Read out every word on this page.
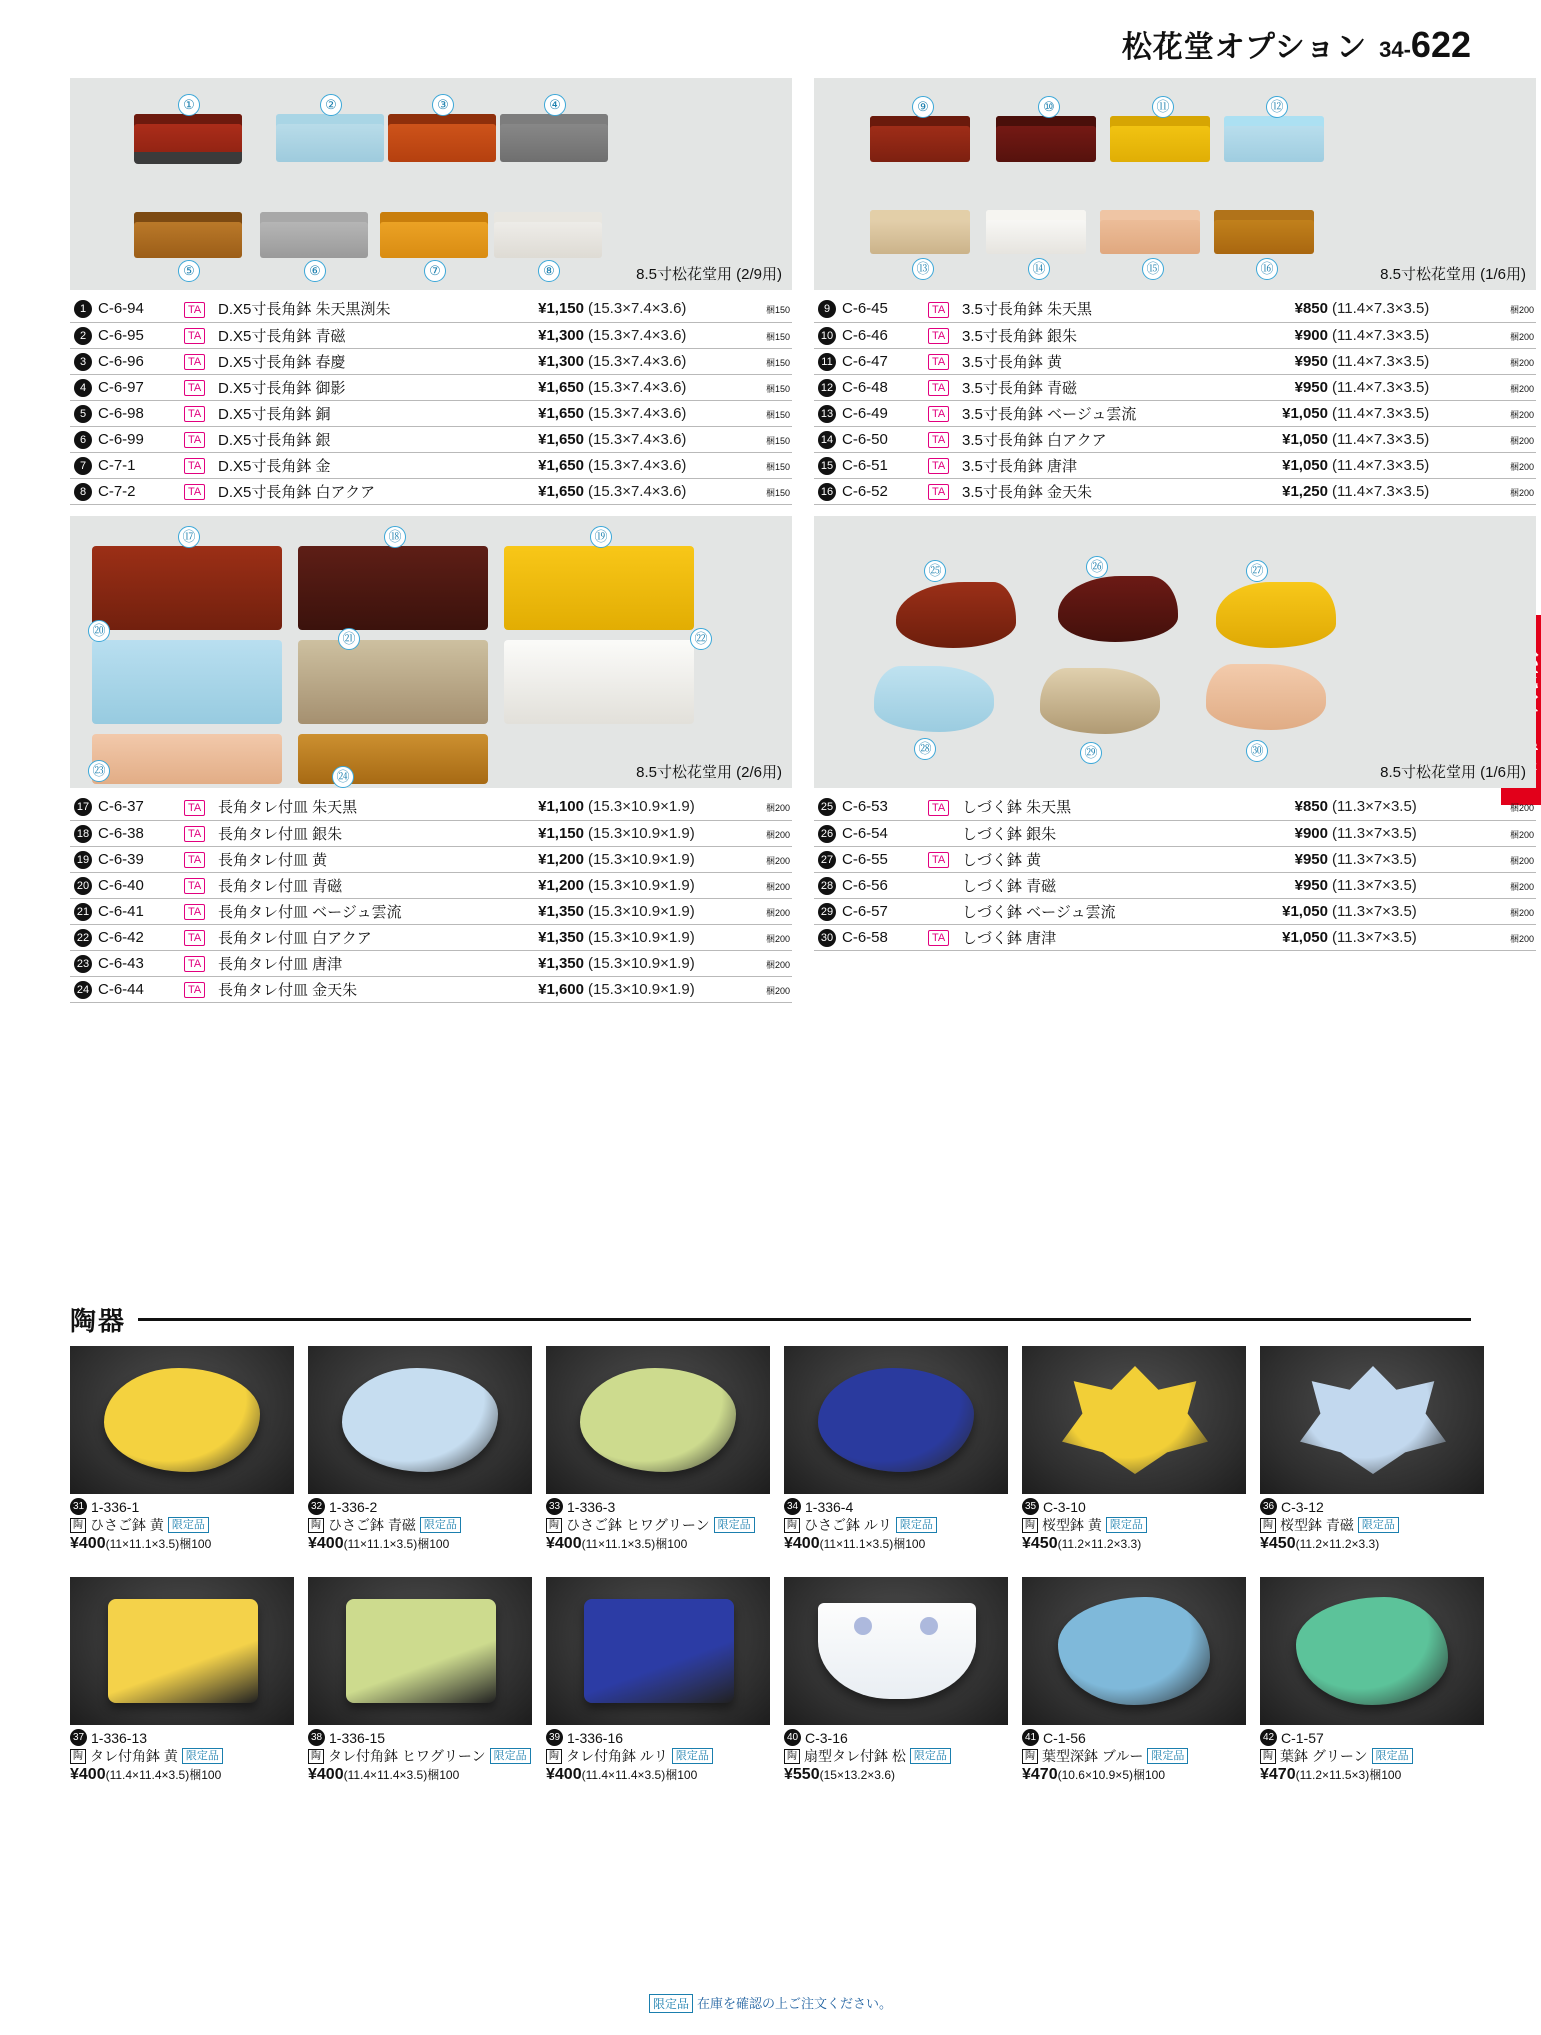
松花堂オプション 34-622
①	②	③	④
⑤	⑥	⑦	⑧	8.5寸松花堂用 (2/9用)
1	C-6-94	TA	D.X5寸長角鉢 朱天黒渕朱	¥1,150	(15.3×7.4×3.6)	梱150
2	C-6-95	TA	D.X5寸長角鉢 青磁	¥1,300	(15.3×7.4×3.6)	梱150
3	C-6-96	TA	D.X5寸長角鉢 春慶	¥1,300	(15.3×7.4×3.6)	梱150
4	C-6-97	TA	D.X5寸長角鉢 御影	¥1,650	(15.3×7.4×3.6)	梱150
5	C-6-98	TA	D.X5寸長角鉢 銅	¥1,650	(15.3×7.4×3.6)	梱150
6	C-6-99	TA	D.X5寸長角鉢 銀	¥1,650	(15.3×7.4×3.6)	梱150
7	C-7-1	TA	D.X5寸長角鉢 金	¥1,650	(15.3×7.4×3.6)	梱150
8	C-7-2	TA	D.X5寸長角鉢 白アクア	¥1,650	(15.3×7.4×3.6)	梱150
⑨	⑩	⑪	⑫
⑬	⑭	⑮	⑯	8.5寸松花堂用 (1/6用)
9	C-6-45	TA	3.5寸長角鉢 朱天黒	¥850	(11.4×7.3×3.5)	梱200
10	C-6-46	TA	3.5寸長角鉢 銀朱	¥900	(11.4×7.3×3.5)	梱200
11	C-6-47	TA	3.5寸長角鉢 黄	¥950	(11.4×7.3×3.5)	梱200
12	C-6-48	TA	3.5寸長角鉢 青磁	¥950	(11.4×7.3×3.5)	梱200
13	C-6-49	TA	3.5寸長角鉢 ベージュ雲流	¥1,050	(11.4×7.3×3.5)	梱200
14	C-6-50	TA	3.5寸長角鉢 白アクア	¥1,050	(11.4×7.3×3.5)	梱200
15	C-6-51	TA	3.5寸長角鉢 唐津	¥1,050	(11.4×7.3×3.5)	梱200
16	C-6-52	TA	3.5寸長角鉢 金天朱	¥1,250	(11.4×7.3×3.5)	梱200
⑰	⑱	⑲
⑳
㉑	㉒
㉓	㉔	8.5寸松花堂用 (2/6用)
17	C-6-37	TA	長角タレ付皿 朱天黒	¥1,100	(15.3×10.9×1.9)	梱200
18	C-6-38	TA	長角タレ付皿 銀朱	¥1,150	(15.3×10.9×1.9)	梱200
19	C-6-39	TA	長角タレ付皿 黄	¥1,200	(15.3×10.9×1.9)	梱200
20	C-6-40	TA	長角タレ付皿 青磁	¥1,200	(15.3×10.9×1.9)	梱200
21	C-6-41	TA	長角タレ付皿 ベージュ雲流	¥1,350	(15.3×10.9×1.9)	梱200
22	C-6-42	TA	長角タレ付皿 白アクア	¥1,350	(15.3×10.9×1.9)	梱200
23	C-6-43	TA	長角タレ付皿 唐津	¥1,350	(15.3×10.9×1.9)	梱200
24	C-6-44	TA	長角タレ付皿 金天朱	¥1,600	(15.3×10.9×1.9)	梱200
㉕	㉖	㉗
㉘	㉙	㉚
8.5寸松花堂用 (1/6用)
25	C-6-53	TA	しづく鉢 朱天黒	¥850	(11.3×7×3.5)	梱200
26	C-6-54		しづく鉢 銀朱	¥900	(11.3×7×3.5)	梱200
27	C-6-55	TA	しづく鉢 黄	¥950	(11.3×7×3.5)	梱200
28	C-6-56		しづく鉢 青磁	¥950	(11.3×7×3.5)	梱200
29	C-6-57		しづく鉢 ベージュ雲流	¥1,050	(11.3×7×3.5)	梱200
30	C-6-58	TA	しづく鉢 唐津	¥1,050	(11.3×7×3.5)	梱200
陶器
31 1-336-1
陶 ひさご鉢 黄 限定品
¥400(11×11.1×3.5)梱100
32 1-336-2
陶 ひさご鉢 青磁 限定品
¥400(11×11.1×3.5)梱100
33 1-336-3
陶 ひさご鉢 ヒワグリーン 限定品
¥400(11×11.1×3.5)梱100
34 1-336-4
陶 ひさご鉢 ルリ 限定品
¥400(11×11.1×3.5)梱100
35 C-3-10
陶 桜型鉢 黄 限定品
¥450(11.2×11.2×3.3)
36 C-3-12
陶 桜型鉢 青磁 限定品
¥450(11.2×11.2×3.3)
37 1-336-13
陶 タレ付角鉢 黄 限定品
¥400(11.4×11.4×3.5)梱100
38 1-336-15
陶 タレ付角鉢 ヒワグリーン 限定品
¥400(11.4×11.4×3.5)梱100
39 1-336-16
陶 タレ付角鉢 ルリ 限定品
¥400(11.4×11.4×3.5)梱100
40 C-3-16
陶 扇型タレ付鉢 松 限定品
¥550(15×13.2×3.6)
41 C-1-56
陶 葉型深鉢 ブルー 限定品
¥470(10.6×10.9×5)梱100
42 C-1-57
陶 葉鉢 グリーン 限定品
¥470(11.2×11.5×3)梱100
限定品 在庫を確認の上ご注文ください。
